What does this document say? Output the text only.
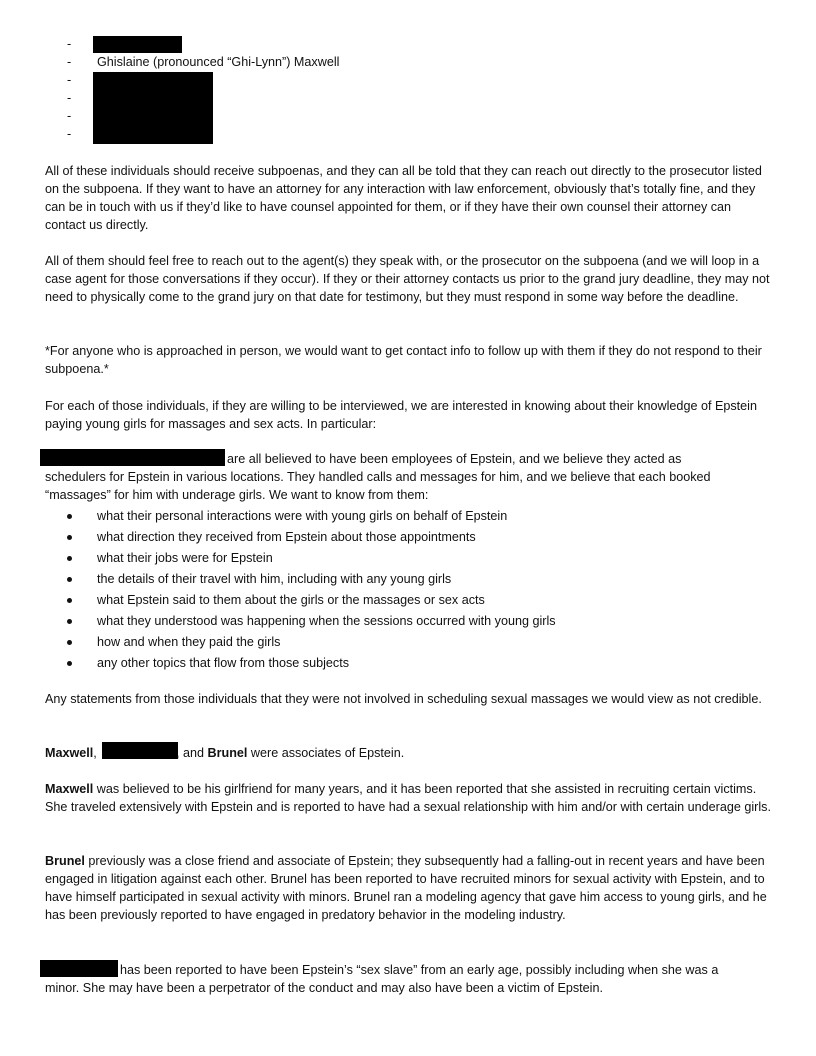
-
-	Ghislaine (pronounced “Ghi-Lynn”) Maxwell
-
-
-
-

All of these individuals should receive subpoenas, and they can all be told that they can reach out directly to the prosecutor listed on the subpoena. If they want to have an attorney for any interaction with law enforcement, obviously that’s totally fine, and they can be in touch with us if they’d like to have counsel appointed for them, or if they have their own counsel their attorney can contact us directly.

All of them should feel free to reach out to the agent(s) they speak with, or the prosecutor on the subpoena (and we will loop in a case agent for those conversations if they occur). If they or their attorney contacts us prior to the grand jury deadline, they may not need to physically come to the grand jury on that date for testimony, but they must respond in some way before the deadline.

*For anyone who is approached in person, we would want to get contact info to follow up with them if they do not respond to their subpoena.*

For each of those individuals, if they are willing to be interviewed, we are interested in knowing about their knowledge of Epstein paying young girls for massages and sex acts. In particular:

are all believed to have been employees of Epstein, and we believe they acted as

schedulers for Epstein in various locations. They handled calls and messages for him, and we believe that each booked “massages” for him with underage girls. We want to know from them:

what their personal interactions were with young girls on behalf of Epstein
what direction they received from Epstein about those appointments
what their jobs were for Epstein
the details of their travel with him, including with any young girls
what Epstein said to them about the girls or the massages or sex acts
what they understood was happening when the sessions occurred with young girls
how and when they paid the girls
any other topics that flow from those subjects

Any statements from those individuals that they were not involved in scheduling sexual massages we would view as not credible.

Maxwell,	, and Brunel were associates of Epstein.

Maxwell was believed to be his girlfriend for many years, and it has been reported that she assisted in recruiting certain victims. She traveled extensively with Epstein and is reported to have had a sexual relationship with him and/or with certain underage girls.

Brunel previously was a close friend and associate of Epstein; they subsequently had a falling-out in recent years and have been engaged in litigation against each other. Brunel has been reported to have recruited minors for sexual activity with Epstein, and to have himself participated in sexual activity with minors. Brunel ran a modeling agency that gave him access to young girls, and he has been previously reported to have engaged in predatory behavior in the modeling industry.

has been reported to have been Epstein’s “sex slave” from an early age, possibly including when she was a
minor. She may have been a perpetrator of the conduct and may also have been a victim of Epstein.
